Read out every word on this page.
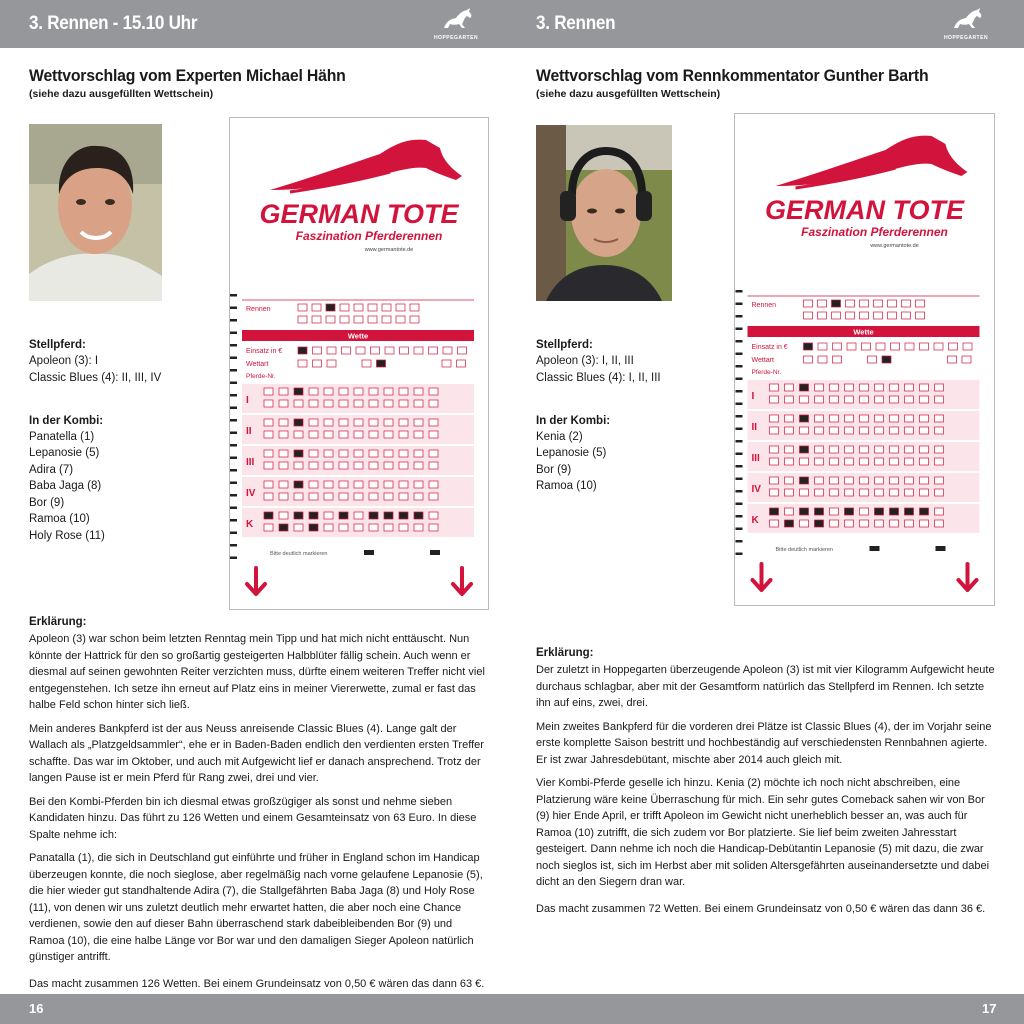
3. Rennen - 15.10 Uhr
HOPPEGARTEN
Wettvorschlag vom Experten Michael Hähn
(siehe dazu ausgefüllten Wettschein)
GERMAN TOTE
Faszination Pferderennen
www.germantote.de
Rennen
Wette
Einsatz in €
Wettart
Pferde-Nr.
I
II
III
IV
K
Bitte deutlich markieren
Stellpferd:
Apoleon (3): I
Classic Blues (4): II, III, IV
In der Kombi:
Panatella (1)
Lepanosie (5)
Adira (7)
Baba Jaga (8)
Bor (9)
Ramoa (10)
Holy Rose (11)
Erklärung:

Apoleon (3) war schon beim letzten Renntag mein Tipp und hat mich nicht enttäuscht. Nun könnte der Hattrick für den so großartig gesteigerten Halbblüter fällig schein. Auch wenn er diesmal auf seinen gewohnten Reiter verzichten muss, dürfte einem weiteren Treffer nicht viel entgegenstehen. Ich setze ihn erneut auf Platz eins in meiner Viererwette, zumal er fast das halbe Feld schon hinter sich ließ.

Mein anderes Bankpferd ist der aus Neuss anreisende Classic Blues (4). Lange galt der Wallach als „Platzgeldsammler“, ehe er in Baden-Baden endlich den verdienten ersten Treffer schaffte. Das war im Oktober, und auch mit Aufgewicht lief er danach ansprechend. Trotz der langen Pause ist er mein Pferd für Rang zwei, drei und vier.

Bei den Kombi-Pferden bin ich diesmal etwas großzügiger als sonst und nehme sieben Kandidaten hinzu. Das führt zu 126 Wetten und einem Gesamteinsatz von 63 Euro. In diese Spalte nehme ich:

Panatalla (1), die sich in Deutschland gut einführte und früher in England schon im Handicap überzeugen konnte, die noch sieglose, aber regelmäßig nach vorne gelaufene Lepanosie (5), die hier wieder gut standhaltende Adira (7), die Stallgefährten Baba Jaga (8) und Holy Rose (11), von denen wir uns zuletzt deutlich mehr erwartet hatten, die aber noch eine Chance verdienen, sowie den auf dieser Bahn überraschend stark dabeibleibenden Bor (9) und Ramoa (10), die eine halbe Länge vor Bor war und den damaligen Sieger Apoleon natürlich günstiger antrifft.

Das macht zusammen 126 Wetten. Bei einem Grundeinsatz von 0,50 € wären das dann 63 €.

16
3. Rennen
HOPPEGARTEN
Wettvorschlag vom Rennkommentator Gunther Barth
(siehe dazu ausgefüllten Wettschein)
GERMAN TOTE
Faszination Pferderennen
www.germantote.de
Rennen
Wette
Einsatz in €
Wettart
Pferde-Nr.
I
II
III
IV
K
Bitte deutlich markieren
Stellpferd:
Apoleon (3): I, II, III
Classic Blues (4): I, II, III
In der Kombi:
Kenia (2)
Lepanosie (5)
Bor (9)
Ramoa (10)
Erklärung:

Der zuletzt in Hoppegarten überzeugende Apoleon (3) ist mit vier Kilogramm Aufgewicht heute durchaus schlagbar, aber mit der Gesamtform natürlich das Stellpferd im Rennen. Ich setzte ihn auf eins, zwei, drei.

Mein zweites Bankpferd für die vorderen drei Plätze ist Classic Blues (4), der im Vorjahr seine erste komplette Saison bestritt und hochbeständig auf verschiedensten Rennbahnen agierte. Er ist zwar Jahresdebütant, mischte aber 2014 auch gleich mit.

Vier Kombi-Pferde geselle ich hinzu. Kenia (2) möchte ich noch nicht abschreiben, eine Platzierung wäre keine Überraschung für mich. Ein sehr gutes Comeback sahen wir von Bor (9) hier Ende April, er trifft Apoleon im Gewicht nicht unerheblich besser an, was auch für Ramoa (10) zutrifft, die sich zudem vor Bor platzierte. Sie lief beim zweiten Jahresstart gesteigert. Dann nehme ich noch die Handicap-Debütantin Lepanosie (5) mit dazu, die zwar noch sieglos ist, sich im Herbst aber mit soliden Altersgefährten auseinandersetzte und dabei dicht an den Siegern dran war.

Das macht zusammen 72 Wetten. Bei einem Grundeinsatz von 0,50 € wären das dann 36 €.

17
